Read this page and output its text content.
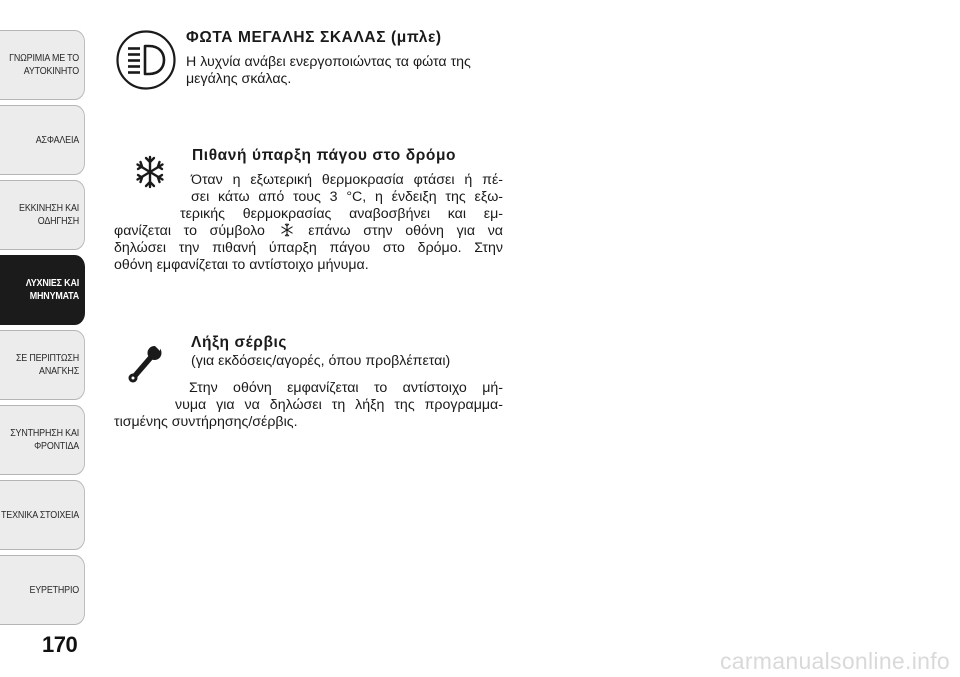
ΓΝΩΡΙΜΙΑ ΜΕ ΤΟ
ΑΥΤΟΚΙΝΗΤΟ
ΑΣΦΑΛΕΙΑ
ΕΚΚΙΝΗΣΗ ΚΑΙ
ΟΔΗΓΗΣΗ
ΛΥΧΝΙΕΣ ΚΑΙ
ΜΗΝΥΜΑΤΑ
ΣΕ ΠΕΡΙΠΤΩΣΗ
ΑΝΑΓΚΗΣ
ΣΥΝΤΗΡΗΣΗ ΚΑΙ
ΦΡΟΝΤΙΔΑ
ΤΕΧΝΙΚΑ ΣΤΟΙΧΕΙΑ
ΕΥΡΕΤΗΡΙΟ
170
ΦΩΤΑ ΜΕΓΑΛΗΣ ΣΚΑΛΑΣ (μπλε)
Η λυχνία ανάβει ενεργοποιώντας τα φώτα της
μεγάλης σκάλας.
Πιθανή ύπαρξη πάγου στο δρόμο
Όταν η εξωτερική θερμοκρασία φτάσει ή πέ-
σει κάτω από τους 3 °C, η ένδειξη της εξω-
τερικής θερμοκρασίας αναβοσβήνει και εμ-
φανίζεται το σύμβολο	επάνω στην οθόνη για να
δηλώσει την πιθανή ύπαρξη πάγου στο δρόμο. Στην
οθόνη εμφανίζεται το αντίστοιχο μήνυμα.
Λήξη σέρβις
(για εκδόσεις/αγορές, όπου προβλέπεται)
Στην οθόνη εμφανίζεται το αντίστοιχο μή-
νυμα για να δηλώσει τη λήξη της προγραμμα-
τισμένης συντήρησης/σέρβις.
carmanualsonline.info
